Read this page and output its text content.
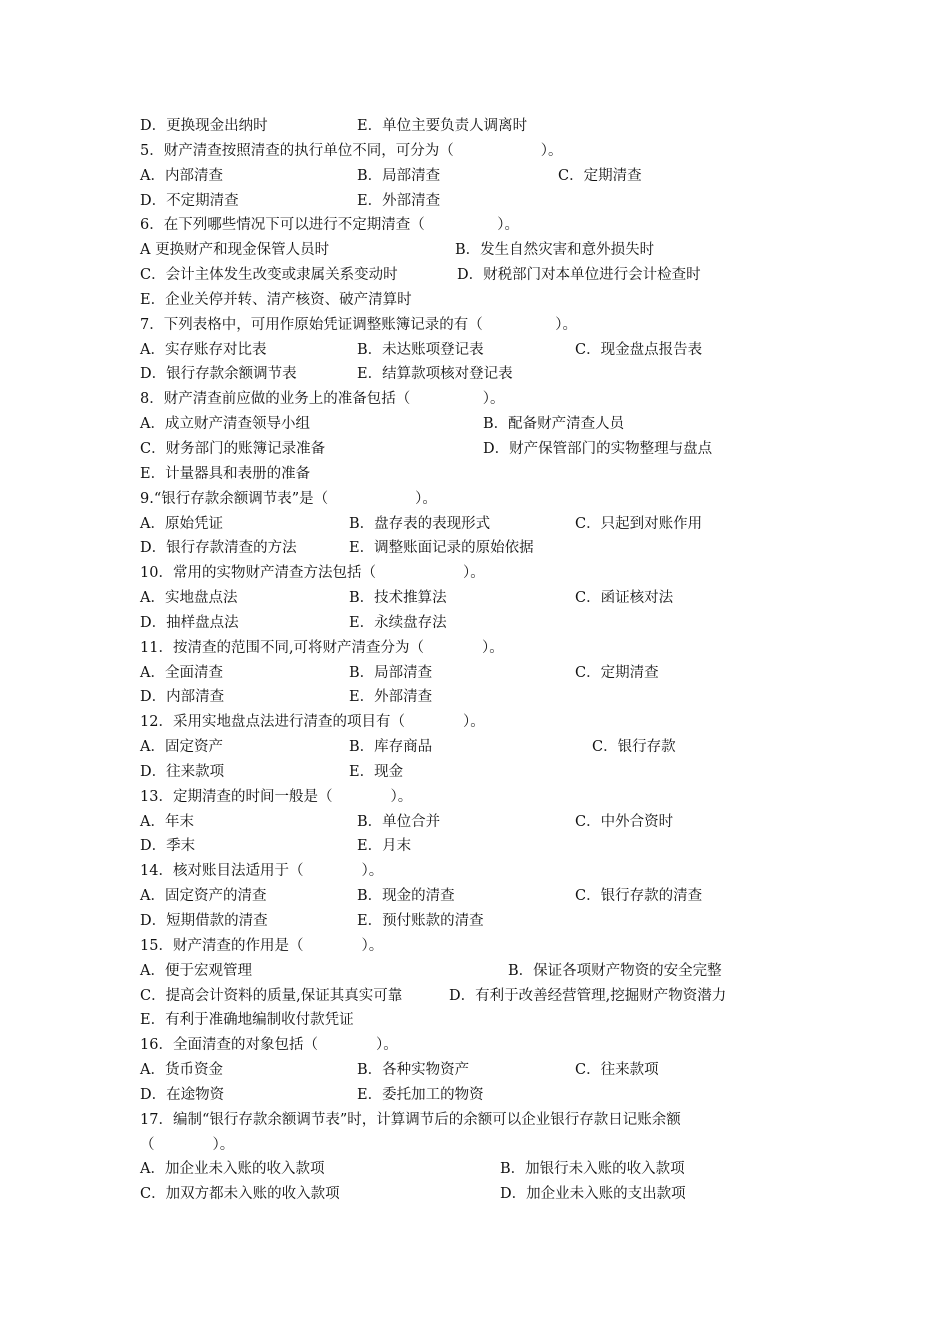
D．更换现金出纳时	E．单位主要负责人调离时
5．财产清查按照清查的执行单位不同，可分为（　　　　　　）。
A．内部清查	B．局部清查	C．定期清查
D．不定期清查	E．外部清查
6．在下列哪些情况下可以进行不定期清查（　　　　　）。
A 更换财产和现金保管人员时	B．发生自然灾害和意外损失时
C．会计主体发生改变或隶属关系变动时	D．财税部门对本单位进行会计检查时
E．企业关停并转、清产核资、破产清算时
7．下列表格中，可用作原始凭证调整账簿记录的有（　　　　　）。
A．实存账存对比表	B．未达账项登记表	C．现金盘点报告表
D．银行存款余额调节表	E．结算款项核对登记表
8．财产清查前应做的业务上的准备包括（　　　　　）。
A．成立财产清查领导小组	B．配备财产清查人员
C．财务部门的账簿记录准备	D．财产保管部门的实物整理与盘点
E．计量器具和表册的准备
9.“银行存款余额调节表”是（　　　　　　）。
A．原始凭证	B．盘存表的表现形式	C．只起到对账作用
D．银行存款清查的方法	E．调整账面记录的原始依据
10．常用的实物财产清查方法包括（　　　　　　）。
A．实地盘点法	B．技术推算法	C．函证核对法
D．抽样盘点法	E．永续盘存法
11．按清查的范围不同,可将财产清查分为（　　　　）。
A．全面清查	B．局部清查	C．定期清查
D．内部清查	E．外部清查
12．采用实地盘点法进行清查的项目有（　　　　）。
A．固定资产	B．库存商品	C．银行存款
D．往来款项	E．现金
13．定期清查的时间一般是（　　　　）。
A．年末	B．单位合并	C．中外合资时
D．季末	E．月末
14．核对账目法适用于（　　　　）。
A．固定资产的清查	B．现金的清查	C．银行存款的清查
D．短期借款的清查	E．预付账款的清查
15．财产清查的作用是（　　　　）。
A．便于宏观管理	B．保证各项财产物资的安全完整
C．提高会计资料的质量,保证其真实可靠	D．有利于改善经营管理,挖掘财产物资潜力
E．有利于准确地编制收付款凭证
16．全面清查的对象包括（　　　　）。
A．货币资金	B．各种实物资产	C．往来款项
D．在途物资	E．委托加工的物资
17．编制“银行存款余额调节表”时，计算调节后的余额可以企业银行存款日记账余额
（　　　　）。
A．加企业未入账的收入款项	B．加银行未入账的收入款项
C．加双方都未入账的收入款项	D．加企业未入账的支出款项
